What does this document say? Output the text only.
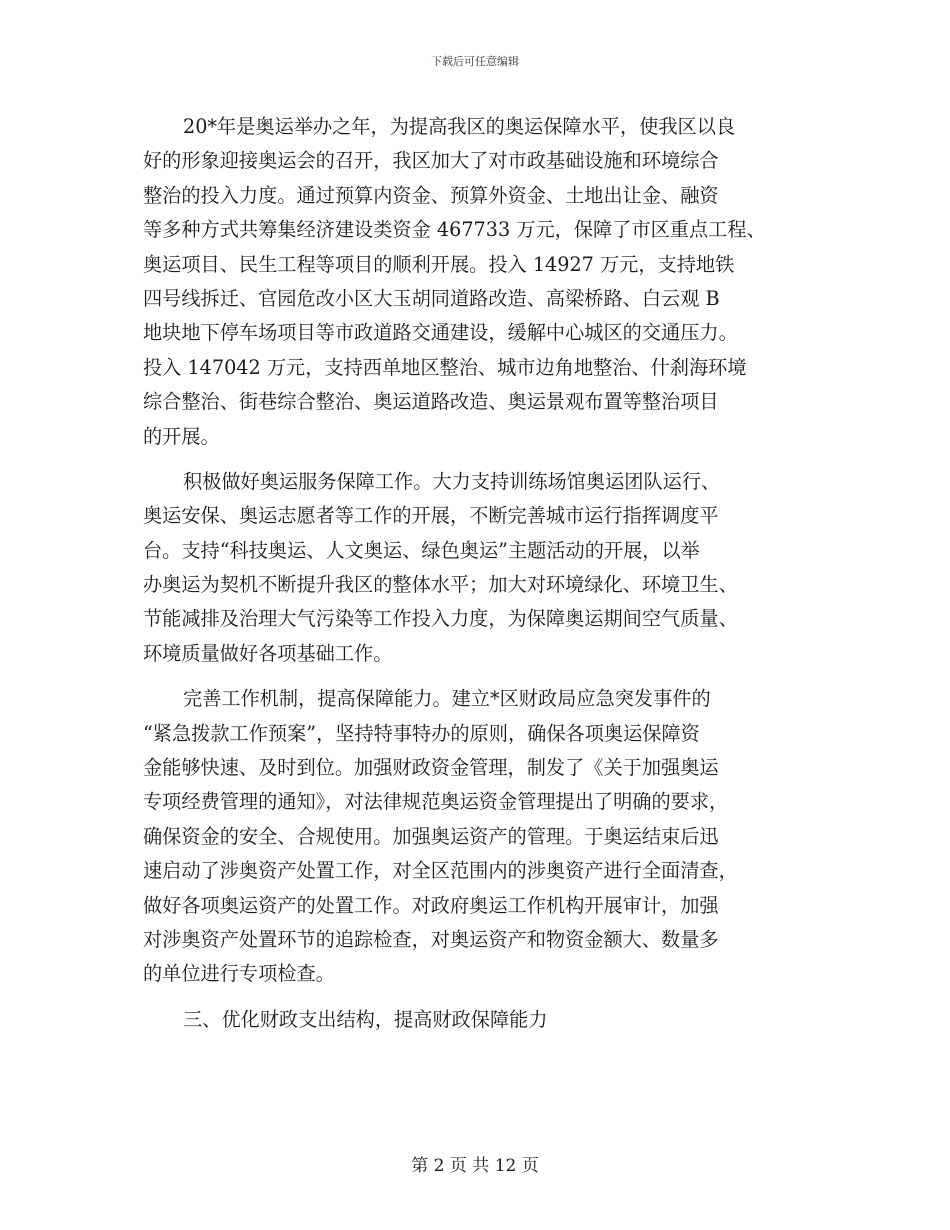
下载后可任意编辑
20*年是奥运举办之年，为提高我区的奥运保障水平，使我区以良
好的形象迎接奥运会的召开，我区加大了对市政基础设施和环境综合
整治的投入力度。通过预算内资金、预算外资金、土地出让金、融资
等多种方式共筹集经济建设类资金 467733 万元，保障了市区重点工程、
奥运项目、民生工程等项目的顺利开展。投入 14927 万元，支持地铁
四号线拆迁、官园危改小区大玉胡同道路改造、高梁桥路、白云观 B
地块地下停车场项目等市政道路交通建设，缓解中心城区的交通压力。
投入 147042 万元，支持西单地区整治、城市边角地整治、什刹海环境
综合整治、街巷综合整治、奥运道路改造、奥运景观布置等整治项目
的开展。
积极做好奥运服务保障工作。大力支持训练场馆奥运团队运行、
奥运安保、奥运志愿者等工作的开展，不断完善城市运行指挥调度平
台。支持“科技奥运、人文奥运、绿色奥运”主题活动的开展，以举
办奥运为契机不断提升我区的整体水平；加大对环境绿化、环境卫生、
节能减排及治理大气污染等工作投入力度，为保障奥运期间空气质量、
环境质量做好各项基础工作。
完善工作机制，提高保障能力。建立*区财政局应急突发事件的
“紧急拨款工作预案”，坚持特事特办的原则，确保各项奥运保障资
金能够快速、及时到位。加强财政资金管理，制发了《关于加强奥运
专项经费管理的通知》，对法律规范奥运资金管理提出了明确的要求，
确保资金的安全、合规使用。加强奥运资产的管理。于奥运结束后迅
速启动了涉奥资产处置工作，对全区范围内的涉奥资产进行全面清查，
做好各项奥运资产的处置工作。对政府奥运工作机构开展审计，加强
对涉奥资产处置环节的追踪检查，对奥运资产和物资金额大、数量多
的单位进行专项检查。
三、优化财政支出结构，提高财政保障能力
第 2 页 共 12 页
